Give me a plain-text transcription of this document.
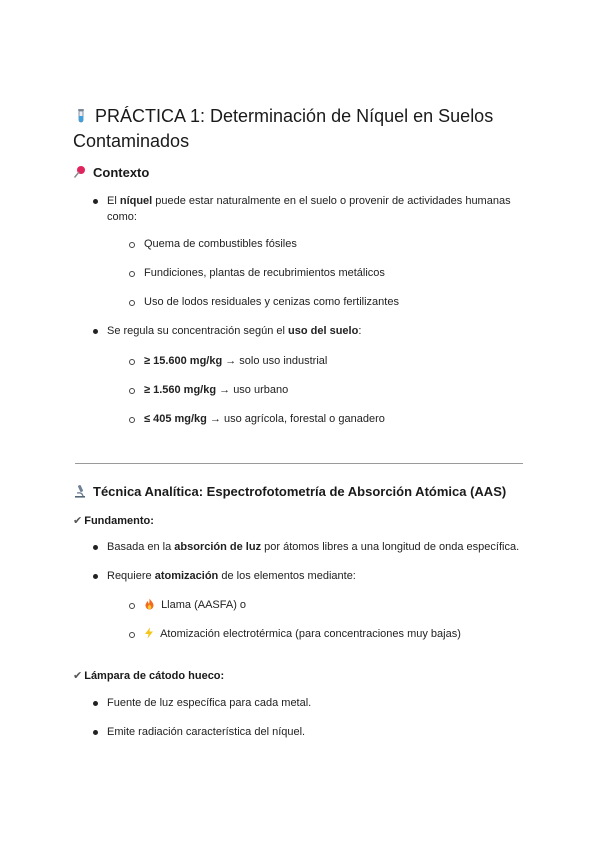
PRÁCTICA 1: Determinación de Níquel en Suelos
Contaminados
Contexto
El níquel puede estar naturalmente en el suelo o provenir de actividades humanas
como:
Quema de combustibles fósiles
Fundiciones, plantas de recubrimientos metálicos
Uso de lodos residuales y cenizas como fertilizantes
Se regula su concentración según el uso del suelo:
≥ 15.600 mg/kg → solo uso industrial
≥ 1.560 mg/kg → uso urbano
≤ 405 mg/kg → uso agrícola, forestal o ganadero
Técnica Analítica: Espectrofotometría de Absorción Atómica (AAS)
✔ Fundamento:
Basada en la absorción de luz por átomos libres a una longitud de onda específica.
Requiere atomización de los elementos mediante:
Llama (AASFA) o
Atomización electrotérmica (para concentraciones muy bajas)
✔ Lámpara de cátodo hueco:
Fuente de luz específica para cada metal.
Emite radiación característica del níquel.
